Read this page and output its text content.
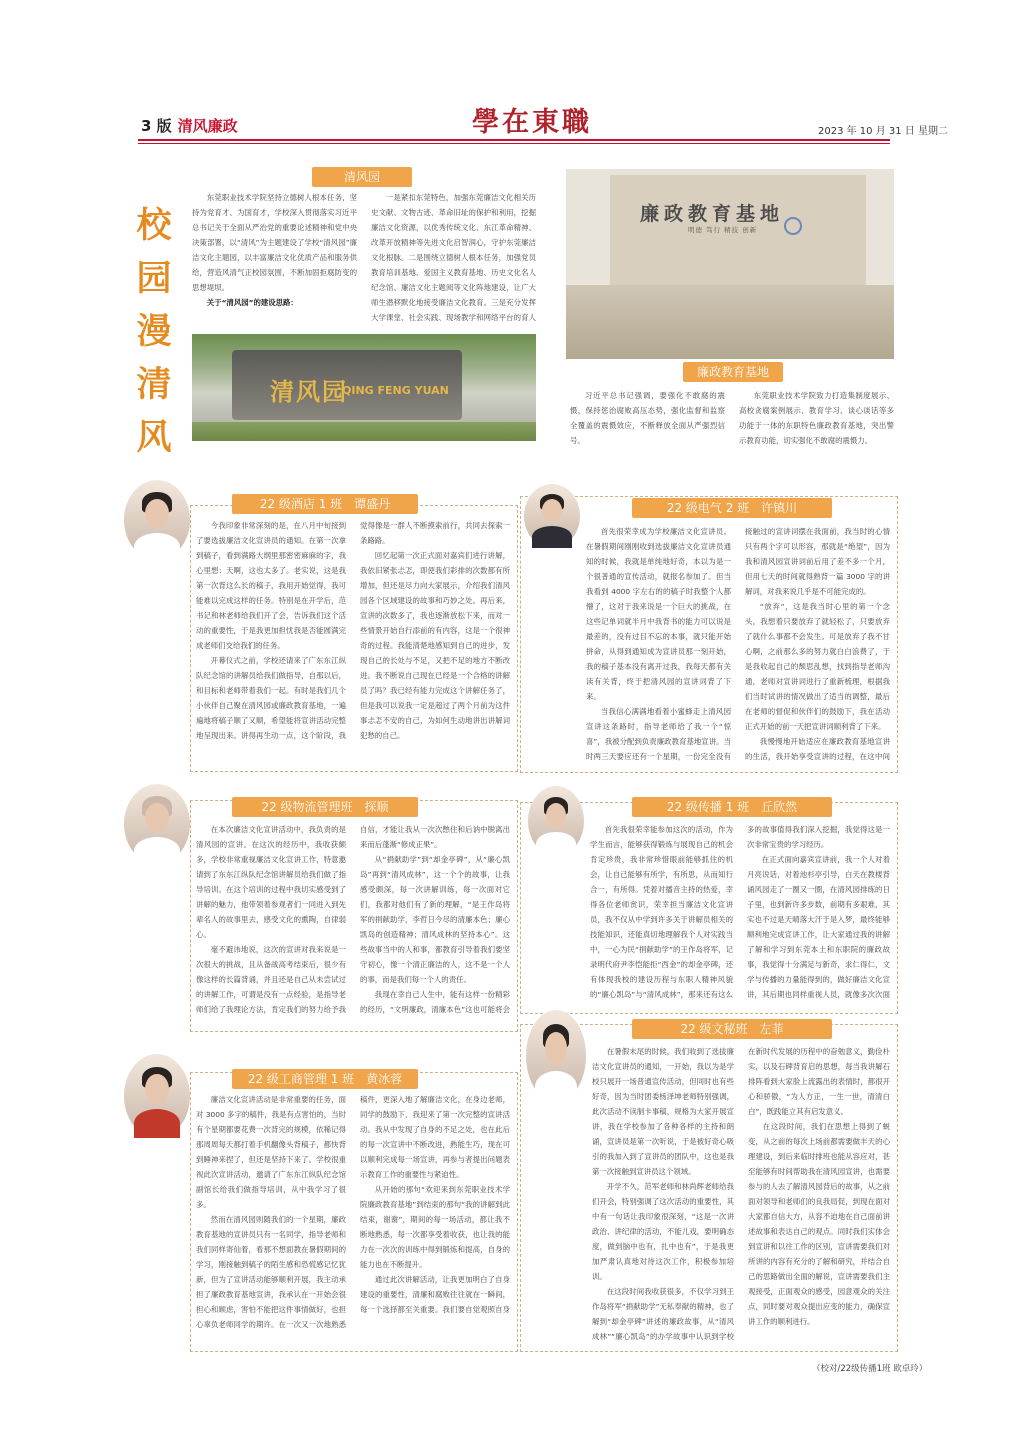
3 版 清风廉政	學在東職	2023 年 10 月 31 日 星期二
校
园
漫
清
风
清风园

东莞职业技术学院坚持立德树人根本任务，坚持为党育才、为国育才，学校深入贯彻落实习近平总书记关于全面从严治党的重要论述精神和党中央决策部署，以“清风”为主题建设了学校“清风园”廉洁文化主题园，以丰富廉洁文化优质产品和服务供给，营造风清气正校园氛围，不断加固拒腐防变的思想堤坝。

关于“清风园”的建设思路：

一是紧扣东莞特色，加强东莞廉洁文化相关历史文献、文物古迹、革命旧址的保护和利用，挖掘廉洁文化资源，以优秀传统文化、东江革命精神、改革开放精神等先进文化启智润心，守护东莞廉洁文化根脉。二是围绕立德树人根本任务，加强党员教育培训基地、爱国主义教育基地、历史文化名人纪念馆、廉洁文化主题阅等文化阵地建设，让广大师生潜移默化地接受廉洁文化教育。三是充分发挥大学课堂、社会实践、现场教学和网络平台的育人

清风园
QING FENG YUAN
廉政教育基地
明德 笃行 精技 创新
廉政教育基地

习近平总书记强调，要强化不敢腐的震慑，保持惩治腐败高压态势，强化监督和监察全覆盖的震慑效应，不断释放全面从严强烈信号。

东莞职业技术学院致力打造集制度展示、高校贪腐案例展示、教育学习、谈心谈话等多功能于一体的东职特色廉政教育基地，突出警示教育功能，切实强化不敢腐的震慑力。

22 级酒店 1 班　谭盛丹

今我印象非常深刻的是，在八月中旬接到了要选拔廉洁文化宣讲员的通知。在第一次拿到稿子，看到满路大纲里那密密麻麻的字，我心里想：天啊，这也太多了。老实说，这是我第一次背这么长的稿子，我用开始觉得，我可能难以完成这样的任务。特别是在开学后，范书记和林老师给我们开了会，告诉我们这个活动的重要性，于是我更加担忧我是否能圆满完成老师们交给我们的任务。

开幕仪式之前，学校还请来了广东东江纵队纪念馆的讲解员给我们做指导，自那以后，和目标和老师带着我们一起。有时是我们几个小伙伴自己聚在清风园或廉政教育基地，一遍遍地将稿子顺了又顺，希望能将宣讲活动完整地呈现出来。讲得再生动一点，这个阶段，我觉得像是一群人不断摸索前行，共同去探索一条路路。

回忆起第一次正式面对嘉宾们进行讲解，我依旧紧张忐忑，即使我们彩排的次数都有所增加，但还是尽力向大家展示，介绍我们清风园各个区域建设的故事和巧妙之处。再后来，宣讲的次数多了，我也逐渐放松下来，而对一些情景开始自行添前的有内容，这是一个很神奇的过程。我能清楚地感知到自己的进步，发现自己的长处与不足，又把不足的地方不断改进。我不断说自己现在已经是一个合格的讲解员了吗？我已经有能力完成这个讲解任务了，但是我可以说我一定是超过了两个月前为这件事忐忑不安的自己，为如何生动地讲出讲解词犯愁的自己。

22 级电气 2 班　许镇川

首先很荣幸成为学校廉洁文化宣讲员。在暑假期间刚刚收到选拔廉洁文化宣讲员通知的时候，我就是单纯地好奇，本以为是一个很普通的宣传活动，就报名参加了。但当我看到 4000 字左右的的稿子时我整个人都懵了，这对于我来说是一个巨大的挑战，在这些记单词就半月中我背书的能力可以说是最差的，没有过目不忘的本事，就只能开始拼命，从得到通知成为宣讲员那一刻开始，我的稿子基本没有离开过我，我每天都有关读有关背，终于把清风园的宣讲词背了下来。

当我信心满满地看着小蜜蜂走上清风园宣讲这条路时，指导老师给了我一个“惊喜”，我被分配到负责廉政教育基地宣讲。当时两三天要应还有一个星期，一份完全没有接触过的宣讲词摆在我面前，我当时的心情只有两个字可以形容，那就是“绝望”，因为我和清风园宣讲词前后用了差不多一个月，但用七天的时间就得熟背一篇 3000 字的讲解词，对我来说几乎是不可能完成的。

“放弃”，这是我当时心里的第一个念头，我想着只要放弃了就轻松了，只要放弃了就什么事都不会发生。可是放弃了我不甘心啊，之前那么多的努力就白白浪费了，于是我收起自己的颓思乱想，找到指导老师沟通，老师对宣讲词进行了重新梳理，根据我们当时试讲的情况做出了适当的调整，最后在老师的督促和伙伴们的鼓励下，我在活动正式开始的前一天把宣讲词顺利背了下来。

我慢慢地开始适应在廉政教育基地宣讲的生活，我开始享受宣讲的过程，在这中间

22 级物流管理班　探顺

在本次廉洁文化宣讲活动中，我负责的是清风园的宣讲。在这次的经历中，我收获颇多，学校非常重视廉洁文化宣讲工作，特意邀请到了东东江纵队纪念馆讲解员给我们做了指导培训。在这个培训的过程中我切实感受到了讲解的魅力，他带领着参观者们一同进入到先辈名人的故事里去，感受文化的熏陶，自律弱心。

毫不避讳地说，这次的宣讲对我来说是一次很大的挑战，且从备战高考结束后，很少有像这样的长篇背诵，并且还是自己从未尝试过的讲解工作，可谓是没有一点经验，是指导老师们给了我理论方法，肯定我们的努力给予我自信，才能让我从一次次憋住和后讷中脱离出来而后蓬渐“修成正果”。

从“捐献助学”到“却金亭碑”，从“廉心凯岛”再到“清风成林”，这一个个的故事，让我感受颇深，每一次讲解训练，每一次面对它们，我都对他们有了新的理解，“是王作岛将军的捐献助学，李哲日今尽的清廉本色；廉心凯岛的创造精神；清风成林的坚持本心”。这些故事当中的人和事，都教育引导着我们要坚守初心，像一个清正廉洁的人，这不是一个人的事，而是我们每一个人的责任。

我现在幸自己人生中，能有这样一份精彩的经历，“文明廉政，清廉本色”这也可能将会

22 级传播 1 班　丘欣然

首先我很荣幸能参加这次的活动，作为学生而言，能够获得锻炼与展现自己的机会肯定珍贵，我非常珍惜眼前能够抓住的机会，让自己能够有所学，有所思，从而知行合一，有所得。凭着对播音主持的热爱，幸得各位老师赏识，荣幸担当廉洁文化宣讲员，我不仅从中学到许多关于讲解员相关的技能知识，还能真切地理解我个人对实践当中，一心为民“捐献助学”的王作岛将军，记录明代府尹李恺能拒“西金”的却金亭碑，还有体现我校的建设历程与东职人精神风貌的“廉心凯岛”与“清风成林”，那来还有这么多的故事值得我们深入挖掘，我觉得这是一次非常宝贵的学习经历。

在正式面向嘉宾宣讲前，我一个人对着月亮说话，对着池杉亭引导，白天在教楼背诵风园走了一圈又一圈，在清风园排练的日子里，也到新许多步数，前期有多艰难，其实也不过是天晴落大汗于是入梦，最终能够顺利地完成宣讲工作，让大家通过我的讲解了解和学习到东莞本土和东职院的廉政故事，我觉得十分满足与新奇，求仁得仁，文学与传播的力量能得到的，做好廉洁文化宣讲，其后期也同样重视人员，就像多次次面

22 级工商管理 1 班　黄冰蓉

廉洁文化宣讲活动是非常重要的任务，面对 3000 多字的稿件，我是有点害怕的，当时有个星期都要花费一次背完的规模，依稀记得那周周每天都打着手机翻像头背稿子，都快背到睡神来捏了，但还是坚持下来了。学校很重视此次宣讲活动，邀请了广东东江纵队纪念馆副馆长给我们做指导培训，从中我学习了很多。

然而在清风园则随我们的一个星期，廉政教育基地的宣讲员只有一名同学，指导老师和我们同样寄仙着，看那不想面教在暑假期间的学习，刚接触到稿子的陌生感和恐慌感记忆犹新，但为了宣讲活动能够顺利开展，我主动承担了廉政教育基地宣讲，我承认在一开始会很担心和顾虑，害怕不能把这件事情做好，也担心辜负老师同学的期许。在一次又一次地熟悉稿件，更深入地了解廉洁文化，在身边老师，同学的鼓励下，我迎来了第一次完整的宣讲活动。我从中发现了自身的不足之处，也在此后的每一次宣讲中不断改进，熟能生巧，现在可以顺利完成每一场宣讲，再参与者提出问题表示教育工作的重要性与紧迫性。

从开始的那句“欢迎来到东莞职业技术学院廉政教育基地”到结束的那句“我的讲解到此结束，谢谢”，期间的每一场活动，都让我不断地熟悉，每一次都享受着收获，也让我的能力在一次次的训练中得到锻炼和提高，自身的能力也在不断提升。

通过此次讲解活动，让我更加明白了自身建设的重要性，清廉和腐败往往就在一瞬间，每一个选择都至关重要。我们要自觉观照自身

22 级文秘班　左菲

在暑假末尾的时候，我们收到了选拔廉洁文化宣讲员的通知，一开始，我以为是学校只展开一场普通宣传活动，但同时也有些好奇，因为当时团委杨泽坤老师特别强调，此次活动不读制卡事稿，规格为大家开展宣讲，我在学校参加了各种各样的主持和朗诵，宣讲员是第一次听说，于是被好奇心吸引的我加入到了宣讲员的团队中，这也是我第一次接触到宣讲员这个领域。

开学不久，范军老师和林尚辉老师给我们开会，特别强调了这次活动的重要性，其中有一句话让我印象很深刻，“这是一次讲政治、讲纪律的活动，不能儿戏，要明确态度，做到脑中也有，扎中也有”，于是我更加严肃认真地对待这次工作，积极参加培训。

在这段时间我收获很多，不仅学习到王作岛将军“捐献助学”无私奉献的精神，也了解到“却金亭碑”讲述的廉政故事，从“清风成林”“廉心凯岛”的办学故事中认识到学校在新时代发展的历程中的奋勉意义，勤俭朴实，以及石碑背育启的思想，每当我讲解石排阵看到大家脸上流露出的表情时，都很开心和骄傲，“为人方正，一生一世，清清白白”，既践能立其有启发意义。

在这段时间，我们在思想上得到了蜕变，从之前的每次上场前都需要做丰天的心理建设，到后来临时排班也能从容应对，甚至能够有时间帮助我在清风园宣讲，也需要参与的人去了解清风园背后的故事，从之前面对领导和老师们的良我局促，到现在面对大家都自信大方，从容不迫地在自己面前讲述故事和表达自己的观点。同时我们实体会到宣讲和以往工作的区别，宣讲需要我们对所讲的内容有充分的了解和研究，并结合自己的思路做出全面的解说，宣讲需要我们主观接受，正面观众的感受，园意观众的关注点，同时要对观众提出应变的能力，确保宣讲工作的顺利进行。

（校对/22级传播1班 欧卓玲）
